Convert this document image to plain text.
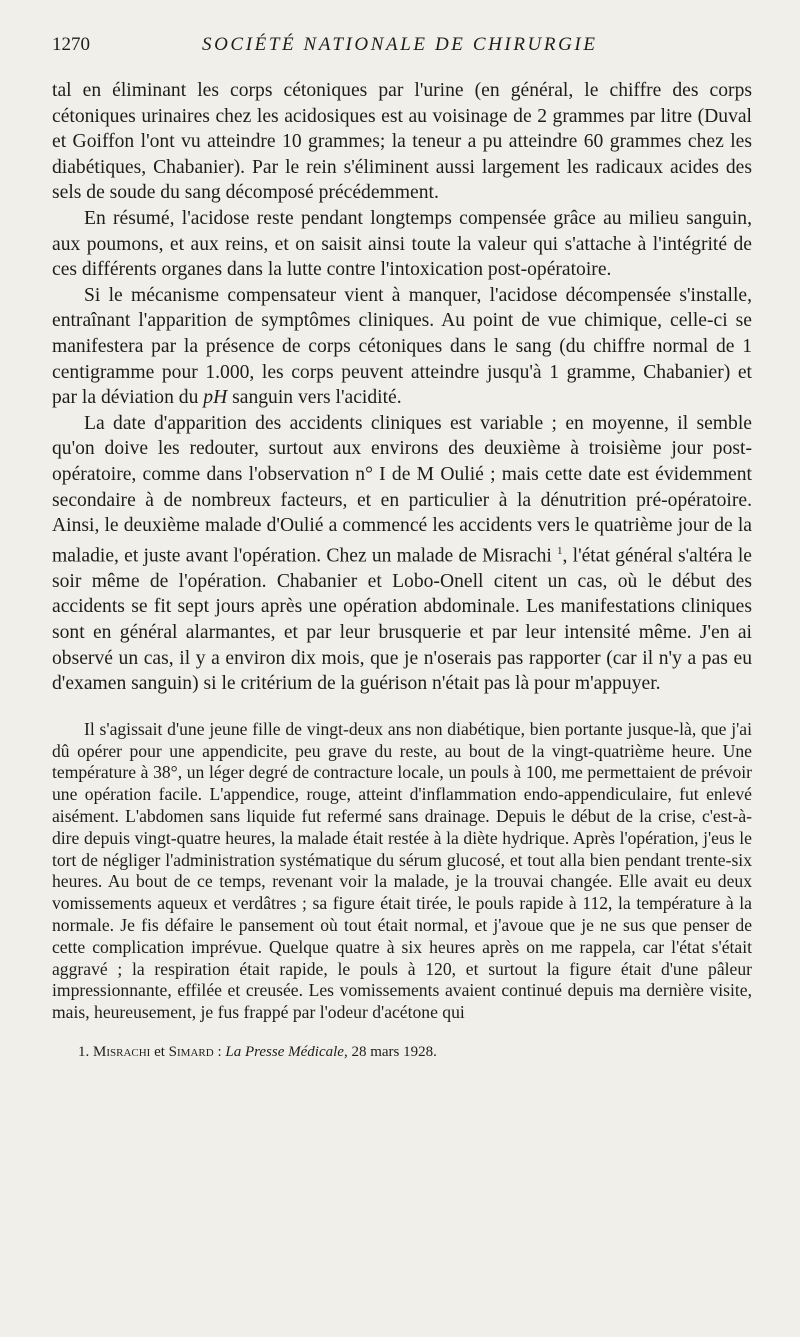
1270	SOCIÉTÉ NATIONALE DE CHIRURGIE

tal en éliminant les corps cétoniques par l'urine (en général, le chiffre des corps cétoniques urinaires chez les acidosiques est au voisinage de 2 grammes par litre (Duval et Goiffon l'ont vu atteindre 10 grammes; la teneur a pu atteindre 60 grammes chez les diabétiques, Chabanier). Par le rein s'éliminent aussi largement les radicaux acides des sels de soude du sang décomposé précédemment.

En résumé, l'acidose reste pendant longtemps compensée grâce au milieu sanguin, aux poumons, et aux reins, et on saisit ainsi toute la valeur qui s'attache à l'intégrité de ces différents organes dans la lutte contre l'intoxication post-opératoire.

Si le mécanisme compensateur vient à manquer, l'acidose décompensée s'installe, entraînant l'apparition de symptômes cliniques. Au point de vue chimique, celle-ci se manifestera par la présence de corps cétoniques dans le sang (du chiffre normal de 1 centigramme pour 1.000, les corps peuvent atteindre jusqu'à 1 gramme, Chabanier) et par la déviation du pH sanguin vers l'acidité.

La date d'apparition des accidents cliniques est variable ; en moyenne, il semble qu'on doive les redouter, surtout aux environs des deuxième à troisième jour post-opératoire, comme dans l'observation n° I de M Oulié ; mais cette date est évidemment secondaire à de nombreux facteurs, et en particulier à la dénutrition pré-opératoire. Ainsi, le deuxième malade d'Oulié a commencé les accidents vers le quatrième jour de la maladie, et juste avant l'opération. Chez un malade de Misrachi $^1$, l'état général s'altéra le soir même de l'opération. Chabanier et Lobo-Onell citent un cas, où le début des accidents se fit sept jours après une opération abdominale. Les manifestations cliniques sont en général alarmantes, et par leur brusquerie et par leur intensité même. J'en ai observé un cas, il y a environ dix mois, que je n'oserais pas rapporter (car il n'y a pas eu d'examen sanguin) si le critérium de la guérison n'était pas là pour m'appuyer.

Il s'agissait d'une jeune fille de vingt-deux ans non diabétique, bien portante jusque-là, que j'ai dû opérer pour une appendicite, peu grave du reste, au bout de la vingt-quatrième heure. Une température à 38°, un léger degré de contracture locale, un pouls à 100, me permettaient de prévoir une opération facile. L'appendice, rouge, atteint d'inflammation endo-appendiculaire, fut enlevé aisément. L'abdomen sans liquide fut refermé sans drainage. Depuis le début de la crise, c'est-à-dire depuis vingt-quatre heures, la malade était restée à la diète hydrique. Après l'opération, j'eus le tort de négliger l'administration systématique du sérum glucosé, et tout alla bien pendant trente-six heures. Au bout de ce temps, revenant voir la malade, je la trouvai changée. Elle avait eu deux vomissements aqueux et verdâtres ; sa figure était tirée, le pouls rapide à 112, la température à la normale. Je fis défaire le pansement où tout était normal, et j'avoue que je ne sus que penser de cette complication imprévue. Quelque quatre à six heures après on me rappela, car l'état s'était aggravé ; la respiration était rapide, le pouls à 120, et surtout la figure était d'une pâleur impressionnante, effilée et creusée. Les vomissements avaient continué depuis ma dernière visite, mais, heureusement, je fus frappé par l'odeur d'acétone qui

1. Misrachi et Simard : La Presse Médicale, 28 mars 1928.
